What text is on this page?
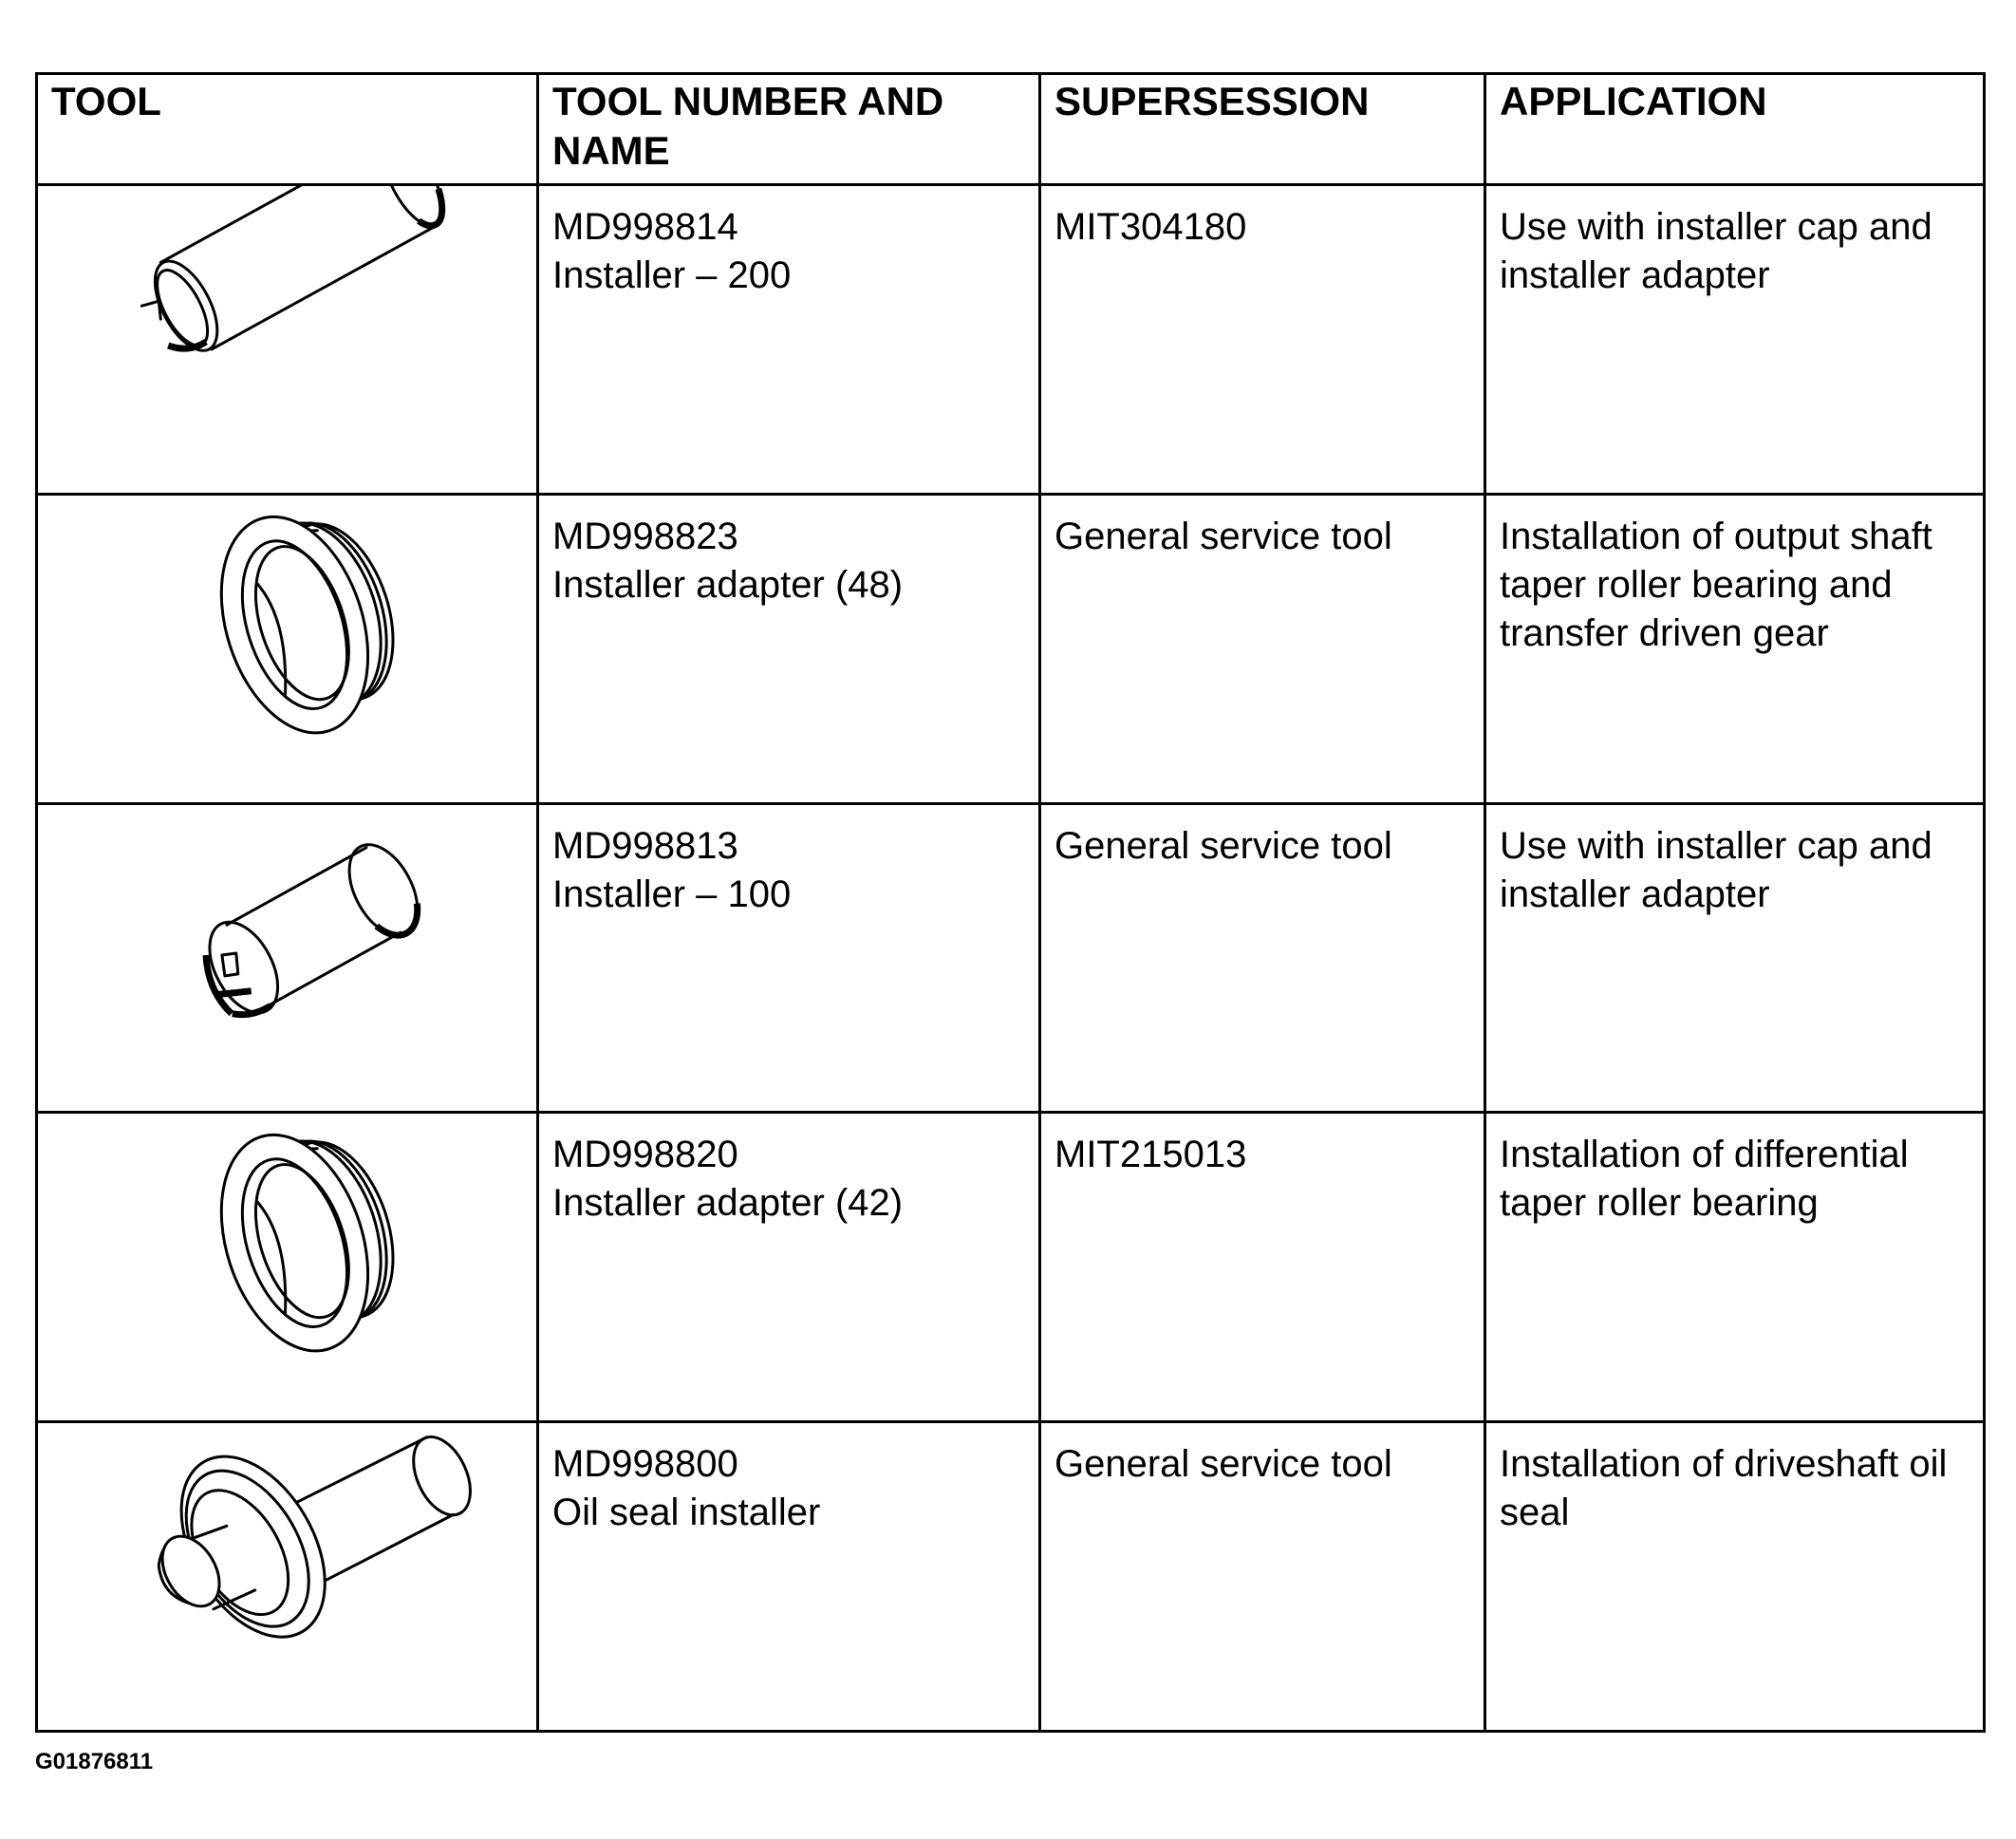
TOOL	TOOL NUMBER AND NAME	SUPERSESSION	APPLICATION

MD998814
Installer – 200	MIT304180	Use with installer cap and installer adapter

MD998823
Installer adapter (48)	General service tool	Installation of output shaft taper roller bearing and transfer driven gear

MD998813
Installer – 100	General service tool	Use with installer cap and installer adapter

MD998820
Installer adapter (42)	MIT215013	Installation of differential taper roller bearing

MD998800
Oil seal installer	General service tool	Installation of driveshaft oil seal
G01876811
